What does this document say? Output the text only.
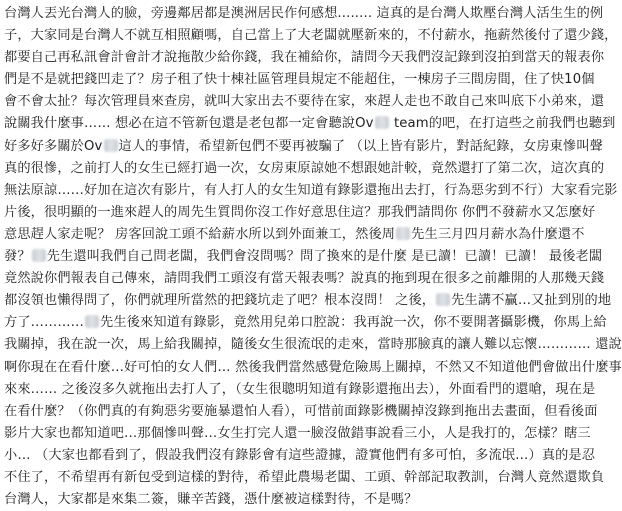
台灣人丟光台灣人的臉，旁邊鄰居都是澳洲居民作何感想........ 這真的是台灣人欺壓台灣人活生生的例
子，大家同是台灣人不就互相照顧嗎，自己當上了大老闆就壓新來的，不付薪水，拖薪然後付了還少錢，
都要自己再私訊會計會計才說拖散少給你錢，我在補給你，請問今天我們沒記錄到沒拍到當天的報表你
們是不是就把錢凹走了？房子租了快十棟社區管理員規定不能超住，一棟房子三間房間，住了快10個
會不會太扯？每次管理員來查房，就叫大家出去不要待在家，來趕人走也不敢自己來叫底下小弟來，還
說關我什麼事…… 想必在這不管新包還是老包都一定會聽說Ov team的吧，在打這些之前我們也聽到
好多好多關於Ov 這人的事情，希望新包們不要再被騙了 （以上皆有影片，對話紀錄，女房東慘叫聲
真的很慘，之前打人的女生已經打過一次，女房東原諒她不想跟她計較，竟然還打了第二次，這次真的
無法原諒……好加在這次有影片，有人打人的女生知道有錄影還拖出去打，行為惡劣到不行）大家看完影
片後，很明顯的一進來趕人的周先生質問你沒工作好意思住這？那我們請問你 你們不發薪水又怎麼好
意思趕人家走呢？ 房客回說工頭不給薪水所以到外面兼工，然後周 先生三月四月薪水為什麼還不
發？ 先生還叫我們自己問老闆，我們會沒問嗎？問了換來的是什麼 是已讀！已讀！已讀！ 最後老闆
竟然說你們報表自己傳來，請問我們工頭沒有當天報表嗎？說真的拖到現在很多之前離開的人那幾天錢
都沒領也懶得問了，你們就理所當然的把錢坑走了吧？根本沒問！ 之後， 先生講不贏…又扯到別的地
方了………… 先生後來知道有錄影，竟然用兒弟口腔說：我再說一次，你不要開著攝影機，你馬上給
我關掉，我在說一次，馬上給我關掉，隨後女生很流氓的走來，當時那臉真的讓人難以忘懷………… 還說
啊你現在在看什麼…好可怕的女人們… 然後我們當然感覺危險馬上關掉，不然又不知道他們會做出什麼事
來來…… 之後沒多久就拖出去打人了，（女生很聰明知道有錄影還拖出去），外面看門的還嗆，現在是
在看什麼？（你們真的有夠惡劣要施暴還怕人看），可惜前面錄影機關掉沒錄到拖出去畫面，但看後面
影片大家也都知道吧…那個慘叫聲…女生打完人還一臉沒做錯事說看三小，人是我打的，怎樣？瞎三
小… （大家也都看到了，假設我們沒有錄影會有這些證據，證實他們有多可怕，多流氓…）真的是忍
不住了，不希望再有新包受到這樣的對待，希望此農場老闆、工頭、幹部記取教訓，台灣人竟然還欺負
台灣人，大家都是來集二簽，賺辛苦錢，憑什麼被這樣對待，不是嗎？
